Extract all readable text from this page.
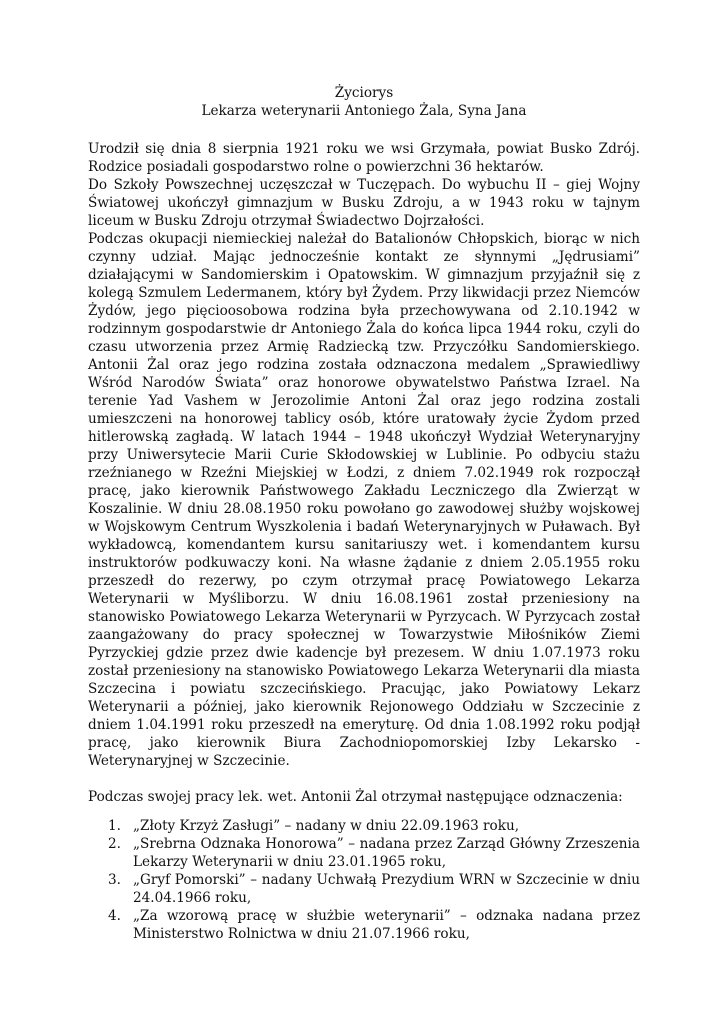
Życiorys

Lekarza weterynarii Antoniego Żala, Syna Jana

Urodził się dnia 8 sierpnia 1921 roku we wsi Grzymała, powiat Busko Zdrój. Rodzice posiadali gospodarstwo rolne o powierzchni 36 hektarów.

Do Szkoły Powszechnej uczęszczał w Tuczępach. Do wybuchu II – giej Wojny Światowej ukończył gimnazjum w Busku Zdroju, a w 1943 roku w tajnym liceum w Busku Zdroju otrzymał Świadectwo Dojrzałości.

Podczas okupacji niemieckiej należał do Batalionów Chłopskich, biorąc w nich czynny udział. Mając jednocześnie kontakt ze słynnymi „Jędrusiami” działającymi w Sandomierskim i Opatowskim. W gimnazjum przyjaźnił się z kolegą Szmulem Ledermanem, który był Żydem. Przy likwidacji przez Niemców Żydów, jego pięcioosobowa rodzina była przechowywana od 2.10.1942 w rodzinnym gospodarstwie dr Antoniego Żala do końca lipca 1944 roku, czyli do czasu utworzenia przez Armię Radziecką tzw. Przyczółku Sandomierskiego. Antonii Żal oraz jego rodzina została odznaczona medalem „Sprawiedliwy Wśród Narodów Świata” oraz honorowe obywatelstwo Państwa Izrael. Na terenie Yad Vashem w Jerozolimie Antoni Żal oraz jego rodzina zostali umieszczeni na honorowej tablicy osób, które uratowały życie Żydom przed hitlerowską zagładą. W latach 1944 – 1948 ukończył Wydział Weterynaryjny przy Uniwersytecie Marii Curie Skłodowskiej w Lublinie. Po odbyciu stażu rzeźnianego w Rzeźni Miejskiej w Łodzi, z dniem 7.02.1949 rok rozpoczął pracę, jako kierownik Państwowego Zakładu Leczniczego dla Zwierząt w Koszalinie. W dniu 28.08.1950 roku powołano go zawodowej służby wojskowej w Wojskowym Centrum Wyszkolenia i badań Weterynaryjnych w Puławach. Był wykładowcą, komendantem kursu sanitariuszy wet. i komendantem kursu instruktorów podkuwaczy koni. Na własne żądanie z dniem 2.05.1955 roku przeszedł do rezerwy, po czym otrzymał pracę Powiatowego Lekarza Weterynarii w Myśliborzu. W dniu 16.08.1961 został przeniesiony na stanowisko Powiatowego Lekarza Weterynarii w Pyrzycach. W Pyrzycach został zaangażowany do pracy społecznej w Towarzystwie Miłośników Ziemi Pyrzyckiej gdzie przez dwie kadencje był prezesem. W dniu 1.07.1973 roku został przeniesiony na stanowisko Powiatowego Lekarza Weterynarii dla miasta Szczecina i powiatu szczecińskiego. Pracując, jako Powiatowy Lekarz Weterynarii a później, jako kierownik Rejonowego Oddziału w Szczecinie z dniem 1.04.1991 roku przeszedł na emeryturę. Od dnia 1.08.1992 roku podjął pracę, jako kierownik Biura Zachodniopomorskiej Izby Lekarsko -Weterynaryjnej w Szczecinie.

Podczas swojej pracy lek. wet. Antonii Żal otrzymał następujące odznaczenia:

1. „Złoty Krzyż Zasługi” – nadany w dniu 22.09.1963 roku,
2. „Srebrna Odznaka Honorowa” – nadana przez Zarząd Główny Zrzeszenia Lekarzy Weterynarii w dniu 23.01.1965 roku,
3. „Gryf Pomorski” – nadany Uchwałą Prezydium WRN w Szczecinie w dniu 24.04.1966 roku,
4. „Za wzorową pracę w służbie weterynarii” – odznaka nadana przez Ministerstwo Rolnictwa w dniu 21.07.1966 roku,
